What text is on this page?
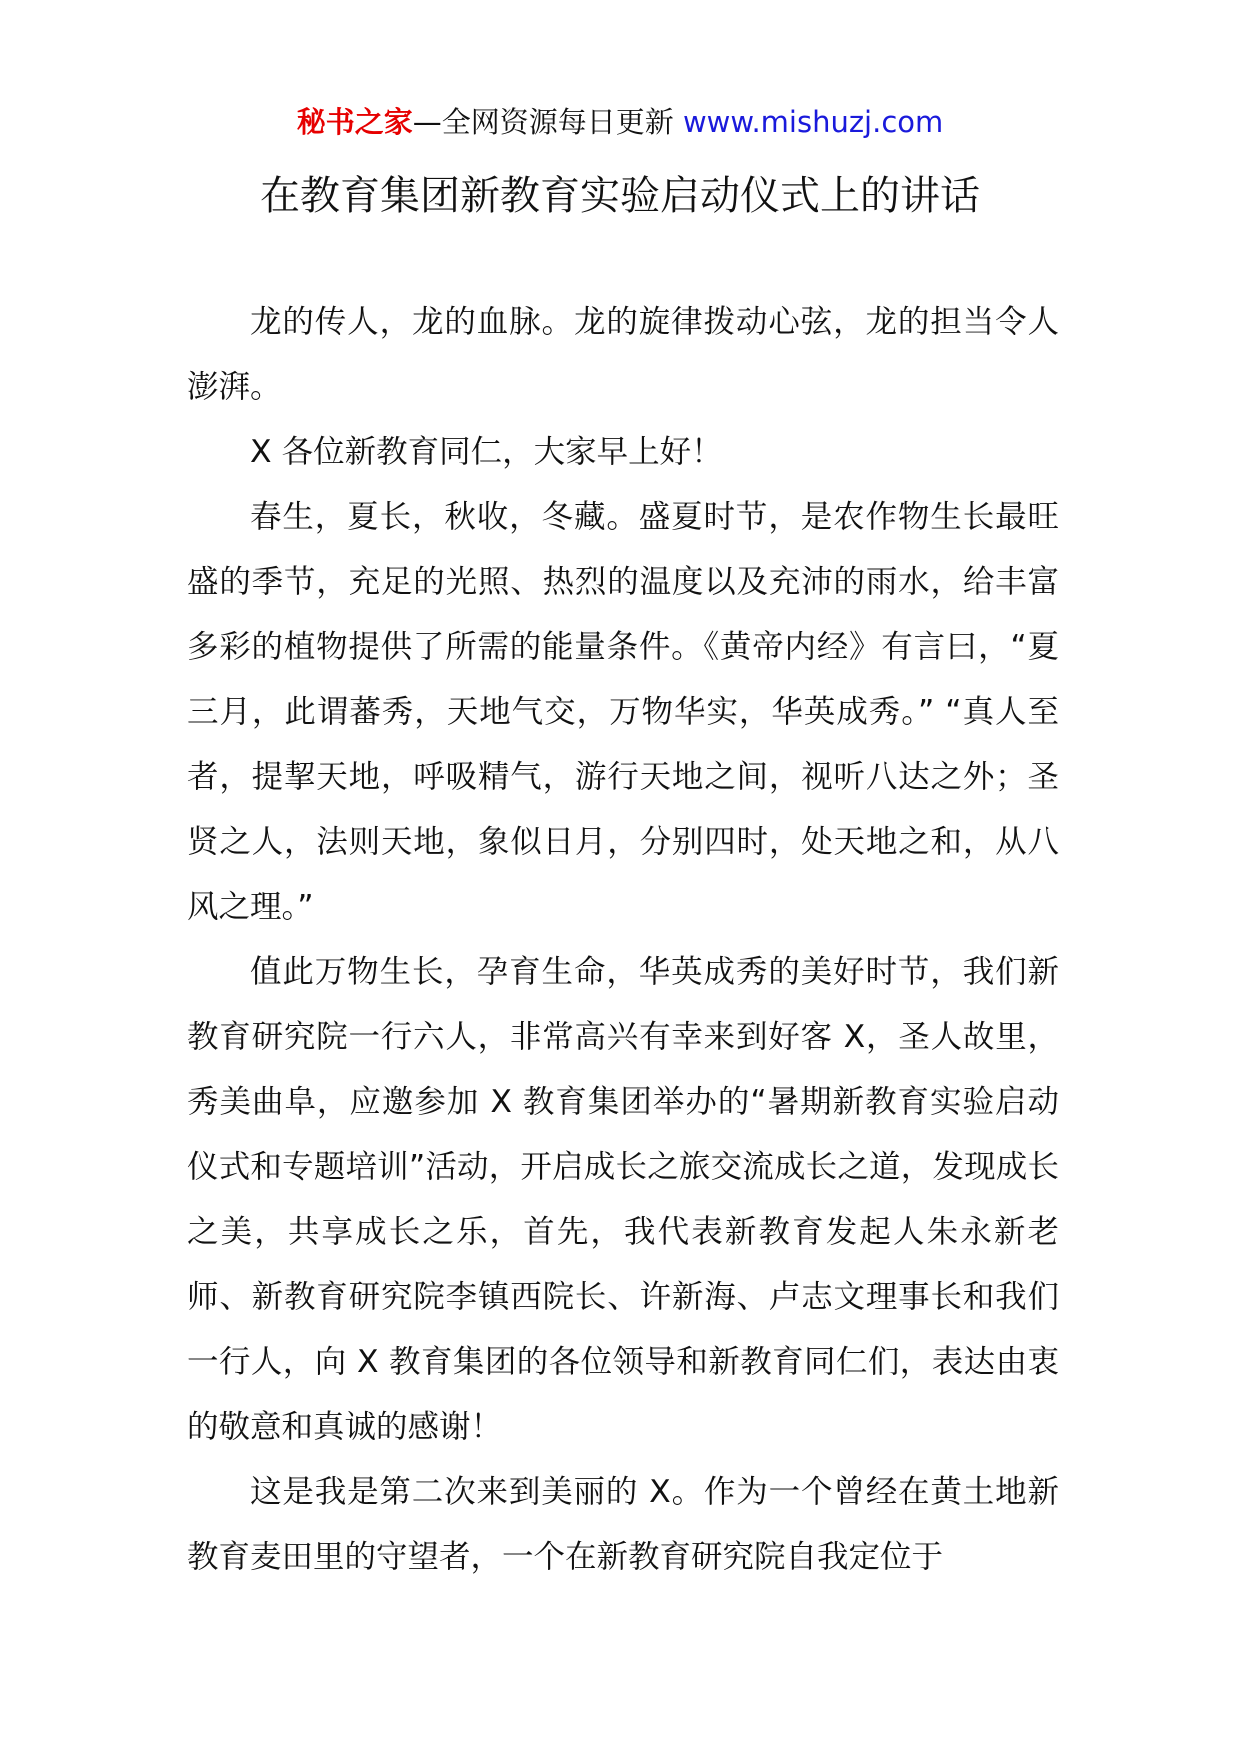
秘书之家—全网资源每日更新 www.mishuzj.com
在教育集团新教育实验启动仪式上的讲话

龙的传人，龙的血脉。龙的旋律拨动心弦，龙的担当令人澎湃。

X 各位新教育同仁，大家早上好！

春生，夏长，秋收，冬藏。盛夏时节，是农作物生长最旺盛的季节，充足的光照、热烈的温度以及充沛的雨水，给丰富多彩的植物提供了所需的能量条件。《黄帝内经》有言曰，“夏三月，此谓蕃秀，天地气交，万物华实，华英成秀。” “真人至者，提挈天地，呼吸精气，游行天地之间，视听八达之外；圣贤之人，法则天地，象似日月，分别四时，处天地之和，从八风之理。”

值此万物生长，孕育生命，华英成秀的美好时节，我们新教育研究院一行六人，非常高兴有幸来到好客 X，圣人故里，秀美曲阜，应邀参加 X 教育集团举办的“暑期新教育实验启动仪式和专题培训”活动，开启成长之旅交流成长之道，发现成长之美，共享成长之乐，首先，我代表新教育发起人朱永新老师、新教育研究院李镇西院长、许新海、卢志文理事长和我们一行人，向 X 教育集团的各位领导和新教育同仁们，表达由衷的敬意和真诚的感谢！

这是我是第二次来到美丽的 X。作为一个曾经在黄土地新教育麦田里的守望者，一个在新教育研究院自我定位于
